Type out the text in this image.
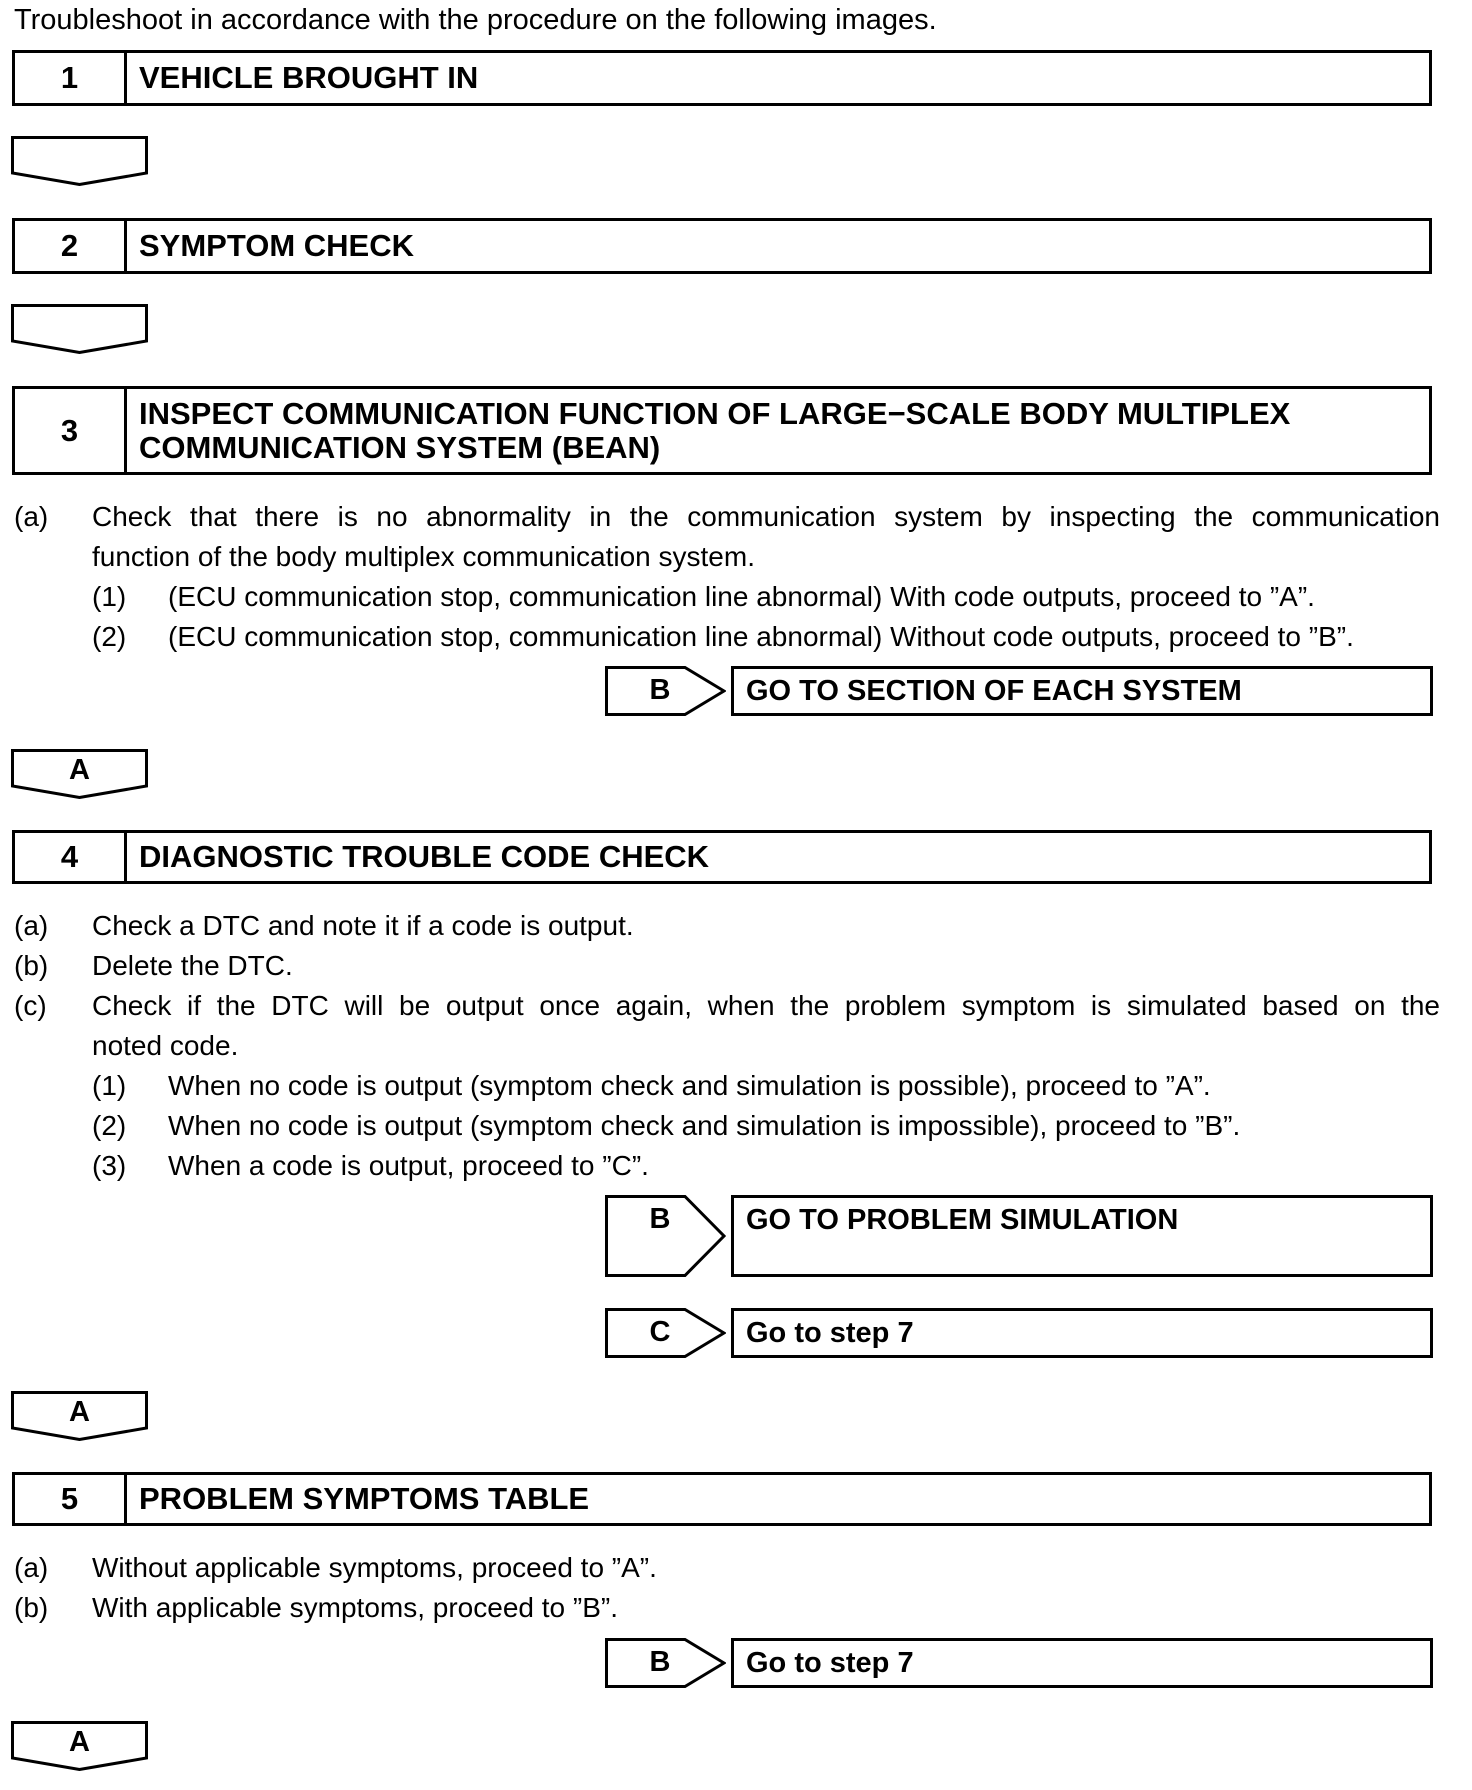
Troubleshoot in accordance with the procedure on the following images.
1	VEHICLE BROUGHT IN
2	SYMPTOM CHECK
3	INSPECT COMMUNICATION FUNCTION OF LARGE−SCALE BODY MULTIPLEX COMMUNICATION SYSTEM (BEAN)
(a) Check that there is no abnormality in the communication system by inspecting the communication
function of the body multiplex communication system.
(1) (ECU communication stop, communication line abnormal) With code outputs, proceed to ”A”.
(2) (ECU communication stop, communication line abnormal) Without code outputs, proceed to ”B”.
B	GO TO SECTION OF EACH SYSTEM
A
4	DIAGNOSTIC TROUBLE CODE CHECK
(a) Check a DTC and note it if a code is output.
(b) Delete the DTC.
(c) Check if the DTC will be output once again, when the problem symptom is simulated based on the
noted code.
(1) When no code is output (symptom check and simulation is possible), proceed to ”A”.
(2) When no code is output (symptom check and simulation is impossible), proceed to ”B”.
(3) When a code is output, proceed to ”C”.
B	GO TO PROBLEM SIMULATION
C	Go to step 7
A
5	PROBLEM SYMPTOMS TABLE
(a) Without applicable symptoms, proceed to ”A”.
(b) With applicable symptoms, proceed to ”B”.
B	Go to step 7
A
